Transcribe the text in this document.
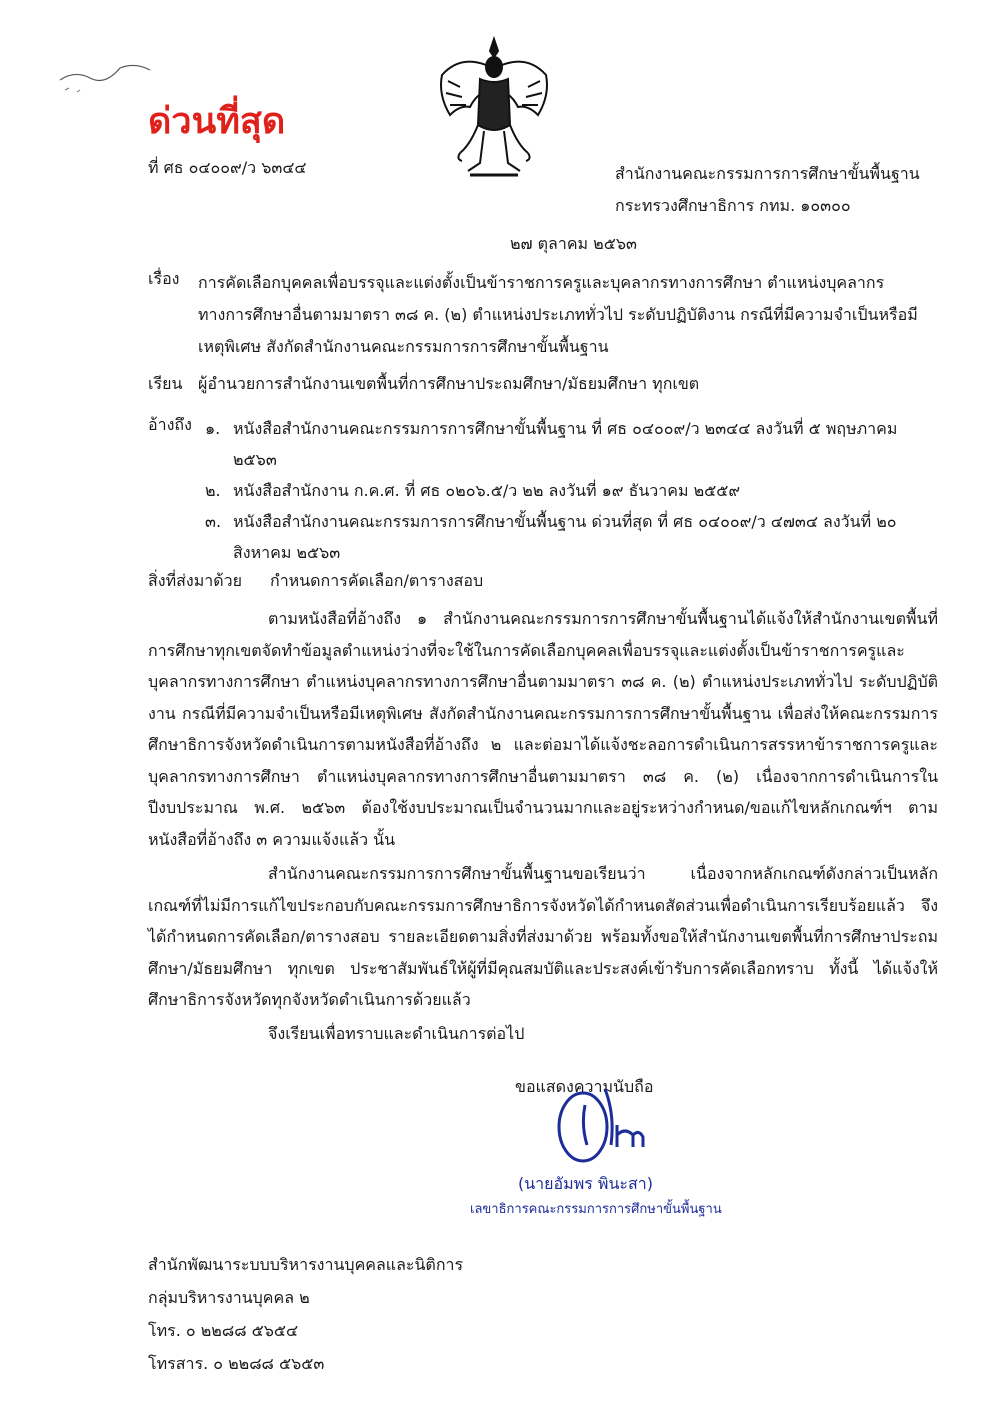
ด่วนที่สุด
ที่ ศธ ๐๔๐๐๙/ว ๖๓๔๔	สำนักงานคณะกรรมการการศึกษาขั้นพื้นฐาน
กระทรวงศึกษาธิการ กทม. ๑๐๓๐๐
๒๗ ตุลาคม ๒๕๖๓
เรื่อง การคัดเลือกบุคคลเพื่อบรรจุและแต่งตั้งเป็นข้าราชการครูและบุคลากรทางการศึกษา ตำแหน่งบุคลากรทางการศึกษาอื่นตามมาตรา ๓๘ ค. (๒) ตำแหน่งประเภททั่วไป ระดับปฏิบัติงาน กรณีที่มีความจำเป็นหรือมีเหตุพิเศษ สังกัดสำนักงานคณะกรรมการการศึกษาขั้นพื้นฐาน
เรียน ผู้อำนวยการสำนักงานเขตพื้นที่การศึกษาประถมศึกษา/มัธยมศึกษา ทุกเขต
อ้างถึง ๑. หนังสือสำนักงานคณะกรรมการการศึกษาขั้นพื้นฐาน ที่ ศธ ๐๔๐๐๙/ว ๒๓๔๔ ลงวันที่ ๕ พฤษภาคม ๒๕๖๓
๒. หนังสือสำนักงาน ก.ค.ศ. ที่ ศธ ๐๒๐๖.๕/ว ๒๒ ลงวันที่ ๑๙ ธันวาคม ๒๕๕๙
๓. หนังสือสำนักงานคณะกรรมการการศึกษาขั้นพื้นฐาน ด่วนที่สุด ที่ ศธ ๐๔๐๐๙/ว ๔๗๓๔ ลงวันที่ ๒๐ สิงหาคม ๒๕๖๓
สิ่งที่ส่งมาด้วย กำหนดการคัดเลือก/ตารางสอบ
ตามหนังสือที่อ้างถึง ๑ สำนักงานคณะกรรมการการศึกษาขั้นพื้นฐานได้แจ้งให้สำนักงานเขตพื้นที่การศึกษาทุกเขตจัดทำข้อมูลตำแหน่งว่างที่จะใช้ในการคัดเลือกบุคคลเพื่อบรรจุและแต่งตั้งเป็นข้าราชการครูและบุคลากรทางการศึกษา ตำแหน่งบุคลากรทางการศึกษาอื่นตามมาตรา ๓๘ ค. (๒) ตำแหน่งประเภททั่วไป ระดับปฏิบัติงาน กรณีที่มีความจำเป็นหรือมีเหตุพิเศษ สังกัดสำนักงานคณะกรรมการการศึกษาขั้นพื้นฐาน เพื่อส่งให้คณะกรรมการศึกษาธิการจังหวัดดำเนินการตามหนังสือที่อ้างถึง ๒ และต่อมาได้แจ้งชะลอการดำเนินการสรรหาข้าราชการครูและบุคลากรทางการศึกษา ตำแหน่งบุคลากรทางการศึกษาอื่นตามมาตรา ๓๘ ค. (๒) เนื่องจากการดำเนินการในปีงบประมาณ พ.ศ. ๒๕๖๓ ต้องใช้งบประมาณเป็นจำนวนมากและอยู่ระหว่างกำหนด/ขอแก้ไขหลักเกณฑ์ฯ ตามหนังสือที่อ้างถึง ๓ ความแจ้งแล้ว นั้น
สำนักงานคณะกรรมการการศึกษาขั้นพื้นฐานขอเรียนว่า เนื่องจากหลักเกณฑ์ดังกล่าวเป็นหลักเกณฑ์ที่ไม่มีการแก้ไขประกอบกับคณะกรรมการศึกษาธิการจังหวัดได้กำหนดสัดส่วนเพื่อดำเนินการเรียบร้อยแล้ว จึงได้กำหนดการคัดเลือก/ตารางสอบ รายละเอียดตามสิ่งที่ส่งมาด้วย พร้อมทั้งขอให้สำนักงานเขตพื้นที่การศึกษาประถมศึกษา/มัธยมศึกษา ทุกเขต ประชาสัมพันธ์ให้ผู้ที่มีคุณสมบัติและประสงค์เข้ารับการคัดเลือกทราบ ทั้งนี้ ได้แจ้งให้ศึกษาธิการจังหวัดทุกจังหวัดดำเนินการด้วยแล้ว
จึงเรียนเพื่อทราบและดำเนินการต่อไป
ขอแสดงความนับถือ
(นายอัมพร พินะสา)
เลขาธิการคณะกรรมการการศึกษาขั้นพื้นฐาน
สำนักพัฒนาระบบบริหารงานบุคคลและนิติการ
กลุ่มบริหารงานบุคคล ๒
โทร. ๐ ๒๒๘๘ ๕๖๕๔
โทรสาร. ๐ ๒๒๘๘ ๕๖๕๓
